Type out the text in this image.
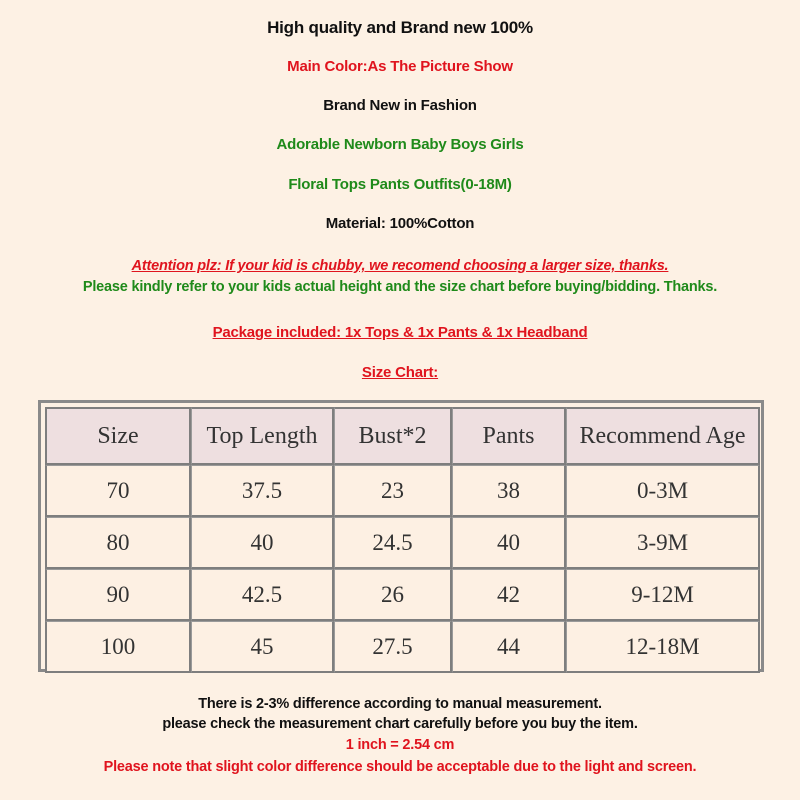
High quality and Brand new 100%
Main Color:As The Picture Show
Brand New in Fashion
Adorable Newborn Baby Boys Girls
Floral Tops Pants Outfits(0-18M)
Material: 100%Cotton
Attention plz: If your kid is chubby, we recomend choosing a larger size, thanks.
Please kindly refer to your kids actual height and the size chart before buying/bidding. Thanks.
Package included: 1x Tops & 1x Pants & 1x Headband
Size Chart:
Size	Top Length	Bust*2	Pants	Recommend Age
70	37.5	23	38	0-3M
80	40	24.5	40	3-9M
90	42.5	26	42	9-12M
100	45	27.5	44	12-18M
There is 2-3% difference according to manual measurement.
please check the measurement chart carefully before you buy the item.
1 inch = 2.54 cm
Please note that slight color difference should be acceptable due to the light and screen.
